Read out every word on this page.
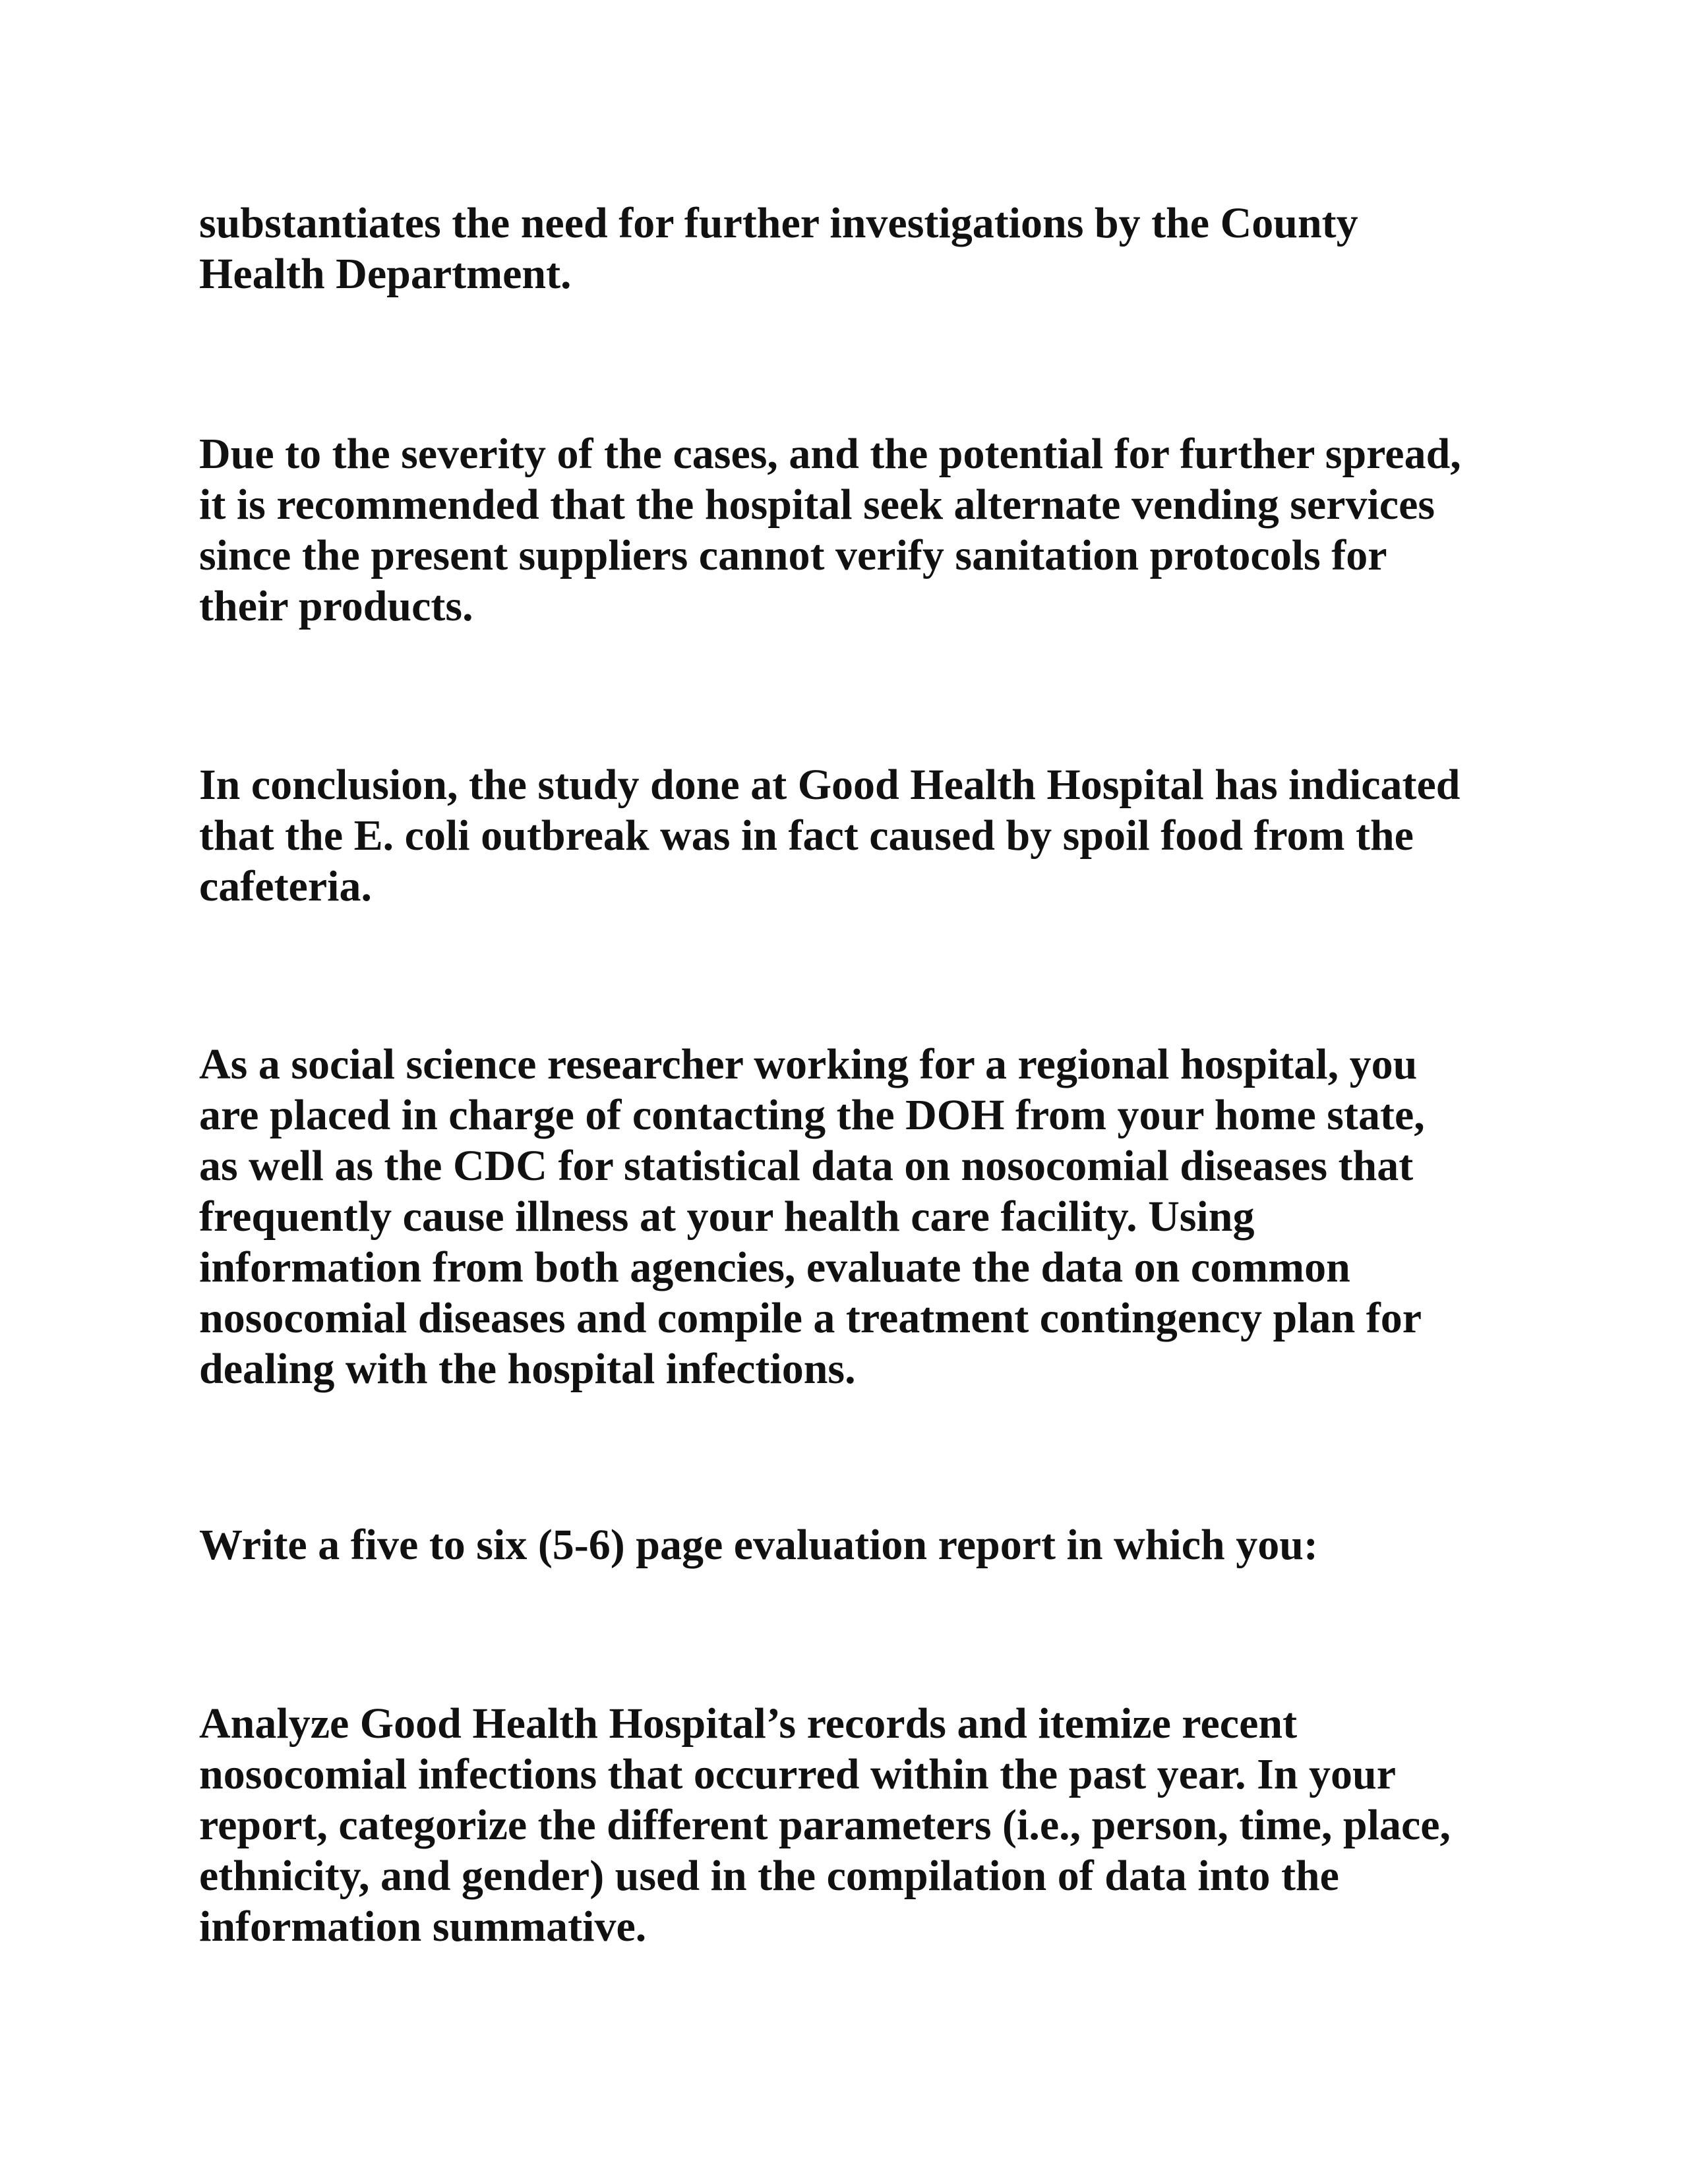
substantiates the need for further investigations by the County
Health Department.

Due to the severity of the cases, and the potential for further spread,
it is recommended that the hospital seek alternate vending services
since the present suppliers cannot verify sanitation protocols for
their products.

In conclusion, the study done at Good Health Hospital has indicated
that the E. coli outbreak was in fact caused by spoil food from the
cafeteria.

As a social science researcher working for a regional hospital, you
are placed in charge of contacting the DOH from your home state,
as well as the CDC for statistical data on nosocomial diseases that
frequently cause illness at your health care facility. Using
information from both agencies, evaluate the data on common
nosocomial diseases and compile a treatment contingency plan for
dealing with the hospital infections.

Write a five to six (5-6) page evaluation report in which you:

Analyze Good Health Hospital’s records and itemize recent
nosocomial infections that occurred within the past year. In your
report, categorize the different parameters (i.e., person, time, place,
ethnicity, and gender) used in the compilation of data into the
information summative.
